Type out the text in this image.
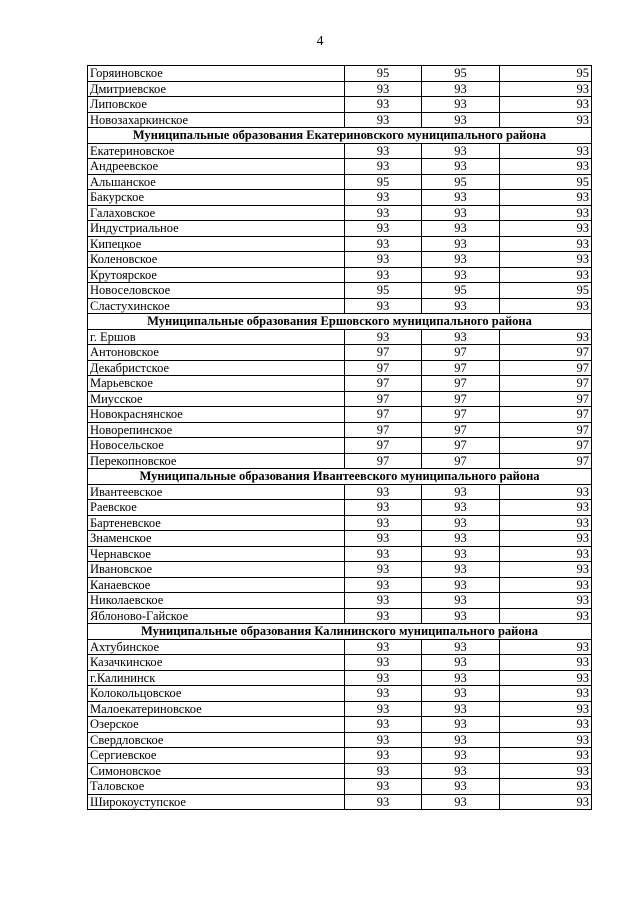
4
Горяиновское	95	95	95
Дмитриевское	93	93	93
Липовское	93	93	93
Новозахаркинское	93	93	93
Муниципальные образования Екатериновского муниципального района			
Екатериновское	93	93	93
Андреевское	93	93	93
Альшанское	95	95	95
Бакурское	93	93	93
Галаховское	93	93	93
Индустриальное	93	93	93
Кипецкое	93	93	93
Коленовское	93	93	93
Крутоярское	93	93	93
Новоселовское	95	95	95
Сластухинское	93	93	93
Муниципальные образования Ершовского муниципального района			
г. Ершов	93	93	93
Антоновское	97	97	97
Декабристское	97	97	97
Марьевское	97	97	97
Миусское	97	97	97
Новокраснянское	97	97	97
Новорепинское	97	97	97
Новосельское	97	97	97
Перекопновское	97	97	97
Муниципальные образования Ивантеевского муниципального района			
Ивантеевское	93	93	93
Раевское	93	93	93
Бартеневское	93	93	93
Знаменское	93	93	93
Чернавское	93	93	93
Ивановское	93	93	93
Канаевское	93	93	93
Николаевское	93	93	93
Яблоново-Гайское	93	93	93
Муниципальные образования Калининского муниципального района			
Ахтубинское	93	93	93
Казачкинское	93	93	93
г.Калининск	93	93	93
Колокольцовское	93	93	93
Малоекатериновское	93	93	93
Озерское	93	93	93
Свердловское	93	93	93
Сергиевское	93	93	93
Симоновское	93	93	93
Таловское	93	93	93
Широкоуступское	93	93	93
